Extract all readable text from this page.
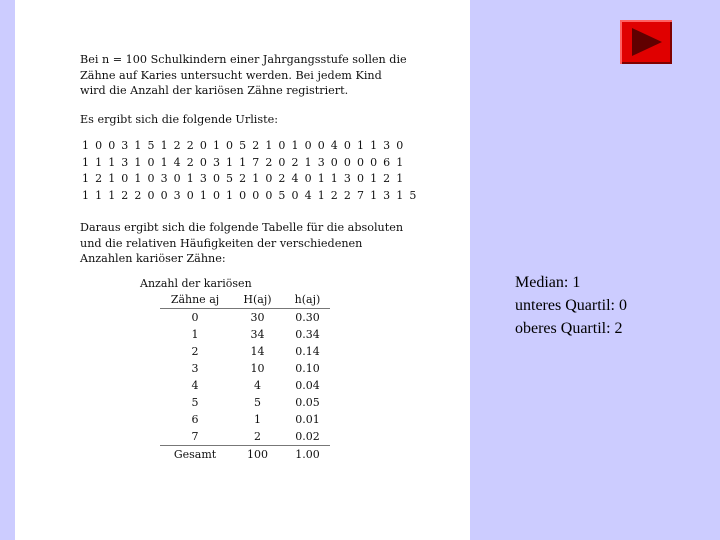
Bei n = 100 Schulkindern einer Jahrgangsstufe sollen die Zähne auf Karies untersucht werden. Bei jedem Kind wird die Anzahl der kariösen Zähne registriert.
Es ergibt sich die folgende Urliste:
1 0 0 3 1 5 1 2 2 0 1 0 5 2 1 0 1 0 0 4 0 1 1 3 0
1 1 1 3 1 0 1 4 2 0 3 1 1 7 2 0 2 1 3 0 0 0 0 6 1
1 2 1 0 1 0 3 0 1 3 0 5 2 1 0 2 4 0 1 1 3 0 1 2 1
1 1 1 2 2 0 0 3 0 1 0 1 0 0 0 5 0 4 1 2 2 7 1 3 1 5
Daraus ergibt sich die folgende Tabelle für die absoluten und die relativen Häufigkeiten der verschiedenen Anzahlen kariöser Zähne:
Anzahl der kariösen
Zähne aj	H(aj)	h(aj)
0	30	0.30
1	34	0.34
2	14	0.14
3	10	0.10
4	4	0.04
5	5	0.05
6	1	0.01
7	2	0.02
Gesamt	100	1.00
Median: 1
unteres Quartil: 0
oberes Quartil: 2
